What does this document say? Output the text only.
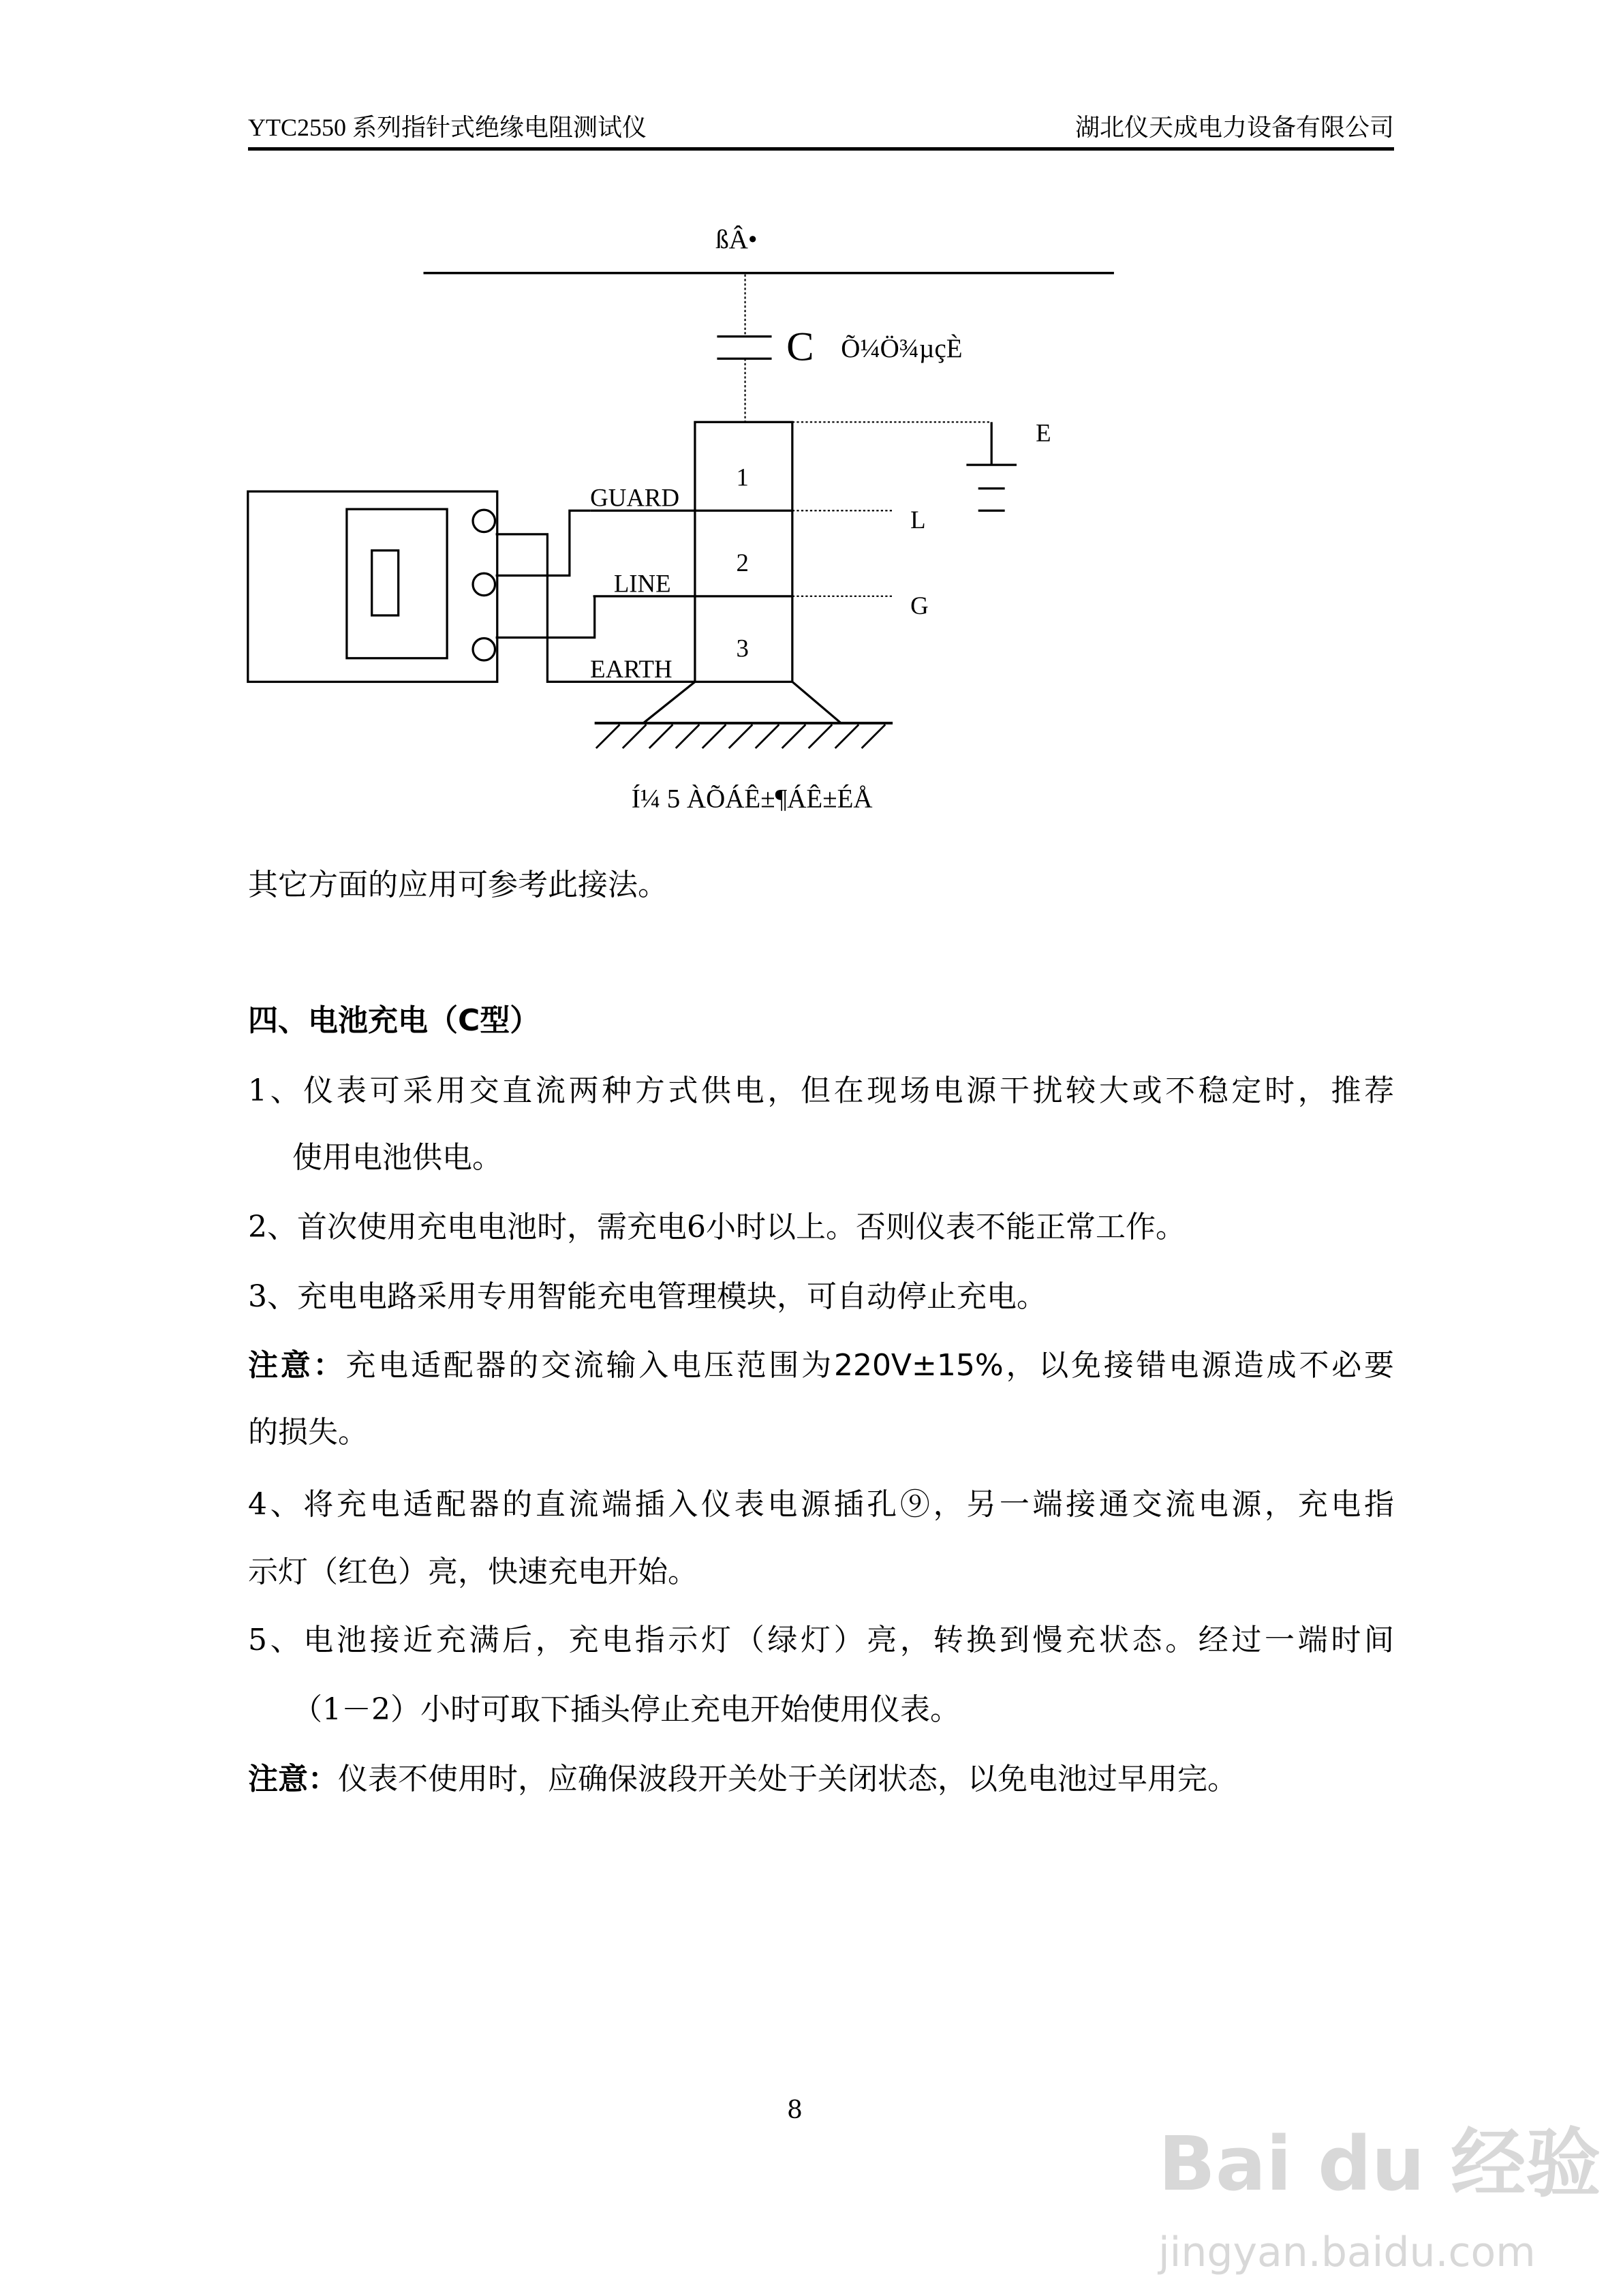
YTC2550 系列指针式绝缘电阻测试仪	湖北仪天成电力设备有限公司
ßÂ•
C Õ¼Ö¾µçÈ
1
2
3
E
L
G
GUARD
LINE
EARTH
Í¼ 5 ÀÕÁÊ±¶ÁÊ±ÉÅ
其它方面的应用可参考此接法。
四、电池充电（C型）
1、仪表可采用交直流两种方式供电，但在现场电源干扰较大或不稳定时，推荐
使用电池供电。
2、首次使用充电电池时，需充电6小时以上。否则仪表不能正常工作。
3、充电电路采用专用智能充电管理模块，可自动停止充电。
注意：充电适配器的交流输入电压范围为220V±15%，以免接错电源造成不必要
的损失。
4、将充电适配器的直流端插入仪表电源插孔⑨，另一端接通交流电源，充电指
示灯（红色）亮，快速充电开始。
5、电池接近充满后，充电指示灯（绿灯）亮，转换到慢充状态。经过一端时间
（1－2）小时可取下插头停止充电开始使用仪表。
注意：仪表不使用时，应确保波段开关处于关闭状态，以免电池过早用完。
8
Bai du 经验
jingyan.baidu.com
